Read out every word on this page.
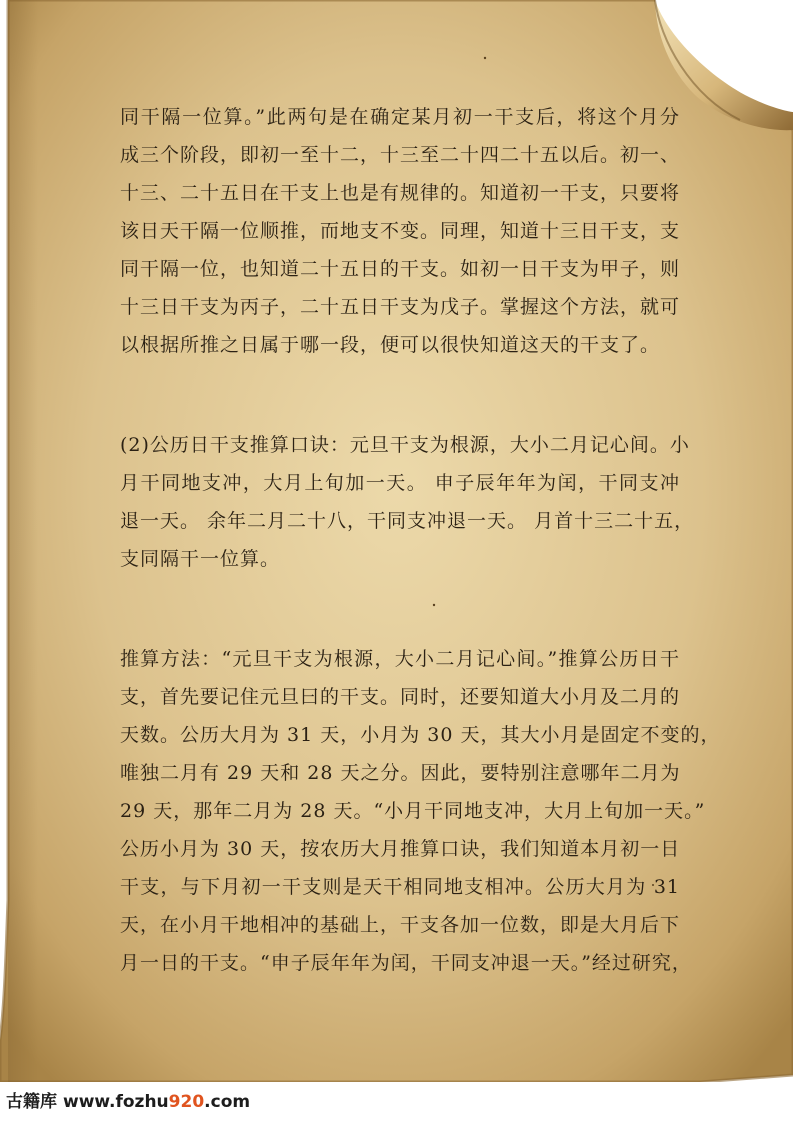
同干隔一位算。”此两句是在确定某月初一干支后，将这个月分
成三个阶段，即初一至十二，十三至二十四二十五以后。初一、
十三、二十五日在干支上也是有规律的。知道初一干支，只要将
该日天干隔一位顺推，而地支不变。同理，知道十三日干支，支
同干隔一位，也知道二十五日的干支。如初一日干支为甲子，则
十三日干支为丙子，二十五日干支为戊子。掌握这个方法，就可
以根据所推之日属于哪一段，便可以很快知道这天的干支了。
(2)公历日干支推算口诀：元旦干支为根源，大小二月记心间。小
月干同地支冲，大月上旬加一天。 申子辰年年为闰，干同支冲
退一天。 余年二月二十八，干同支冲退一天。 月首十三二十五，
支同隔干一位算。
推算方法：“元旦干支为根源，大小二月记心间。”推算公历日干
支，首先要记住元旦曰的干支。同时，还要知道大小月及二月的
天数。公历大月为 31 天，小月为 30 天，其大小月是固定不变的，
唯独二月有 29 天和 28 天之分。因此，要特别注意哪年二月为
29 天，那年二月为 28 天。“小月干同地支冲，大月上旬加一天。”
公历小月为 30 天，按农历大月推算口诀，我们知道本月初一日
干支，与下月初一干支则是天干相同地支相冲。公历大月为 31
天，在小月干地相冲的基础上，干支各加一位数，即是大月后下
月一日的干支。“申子辰年年为闰，干同支冲退一天。”经过研究，
古籍库 www.fozhu920.com
